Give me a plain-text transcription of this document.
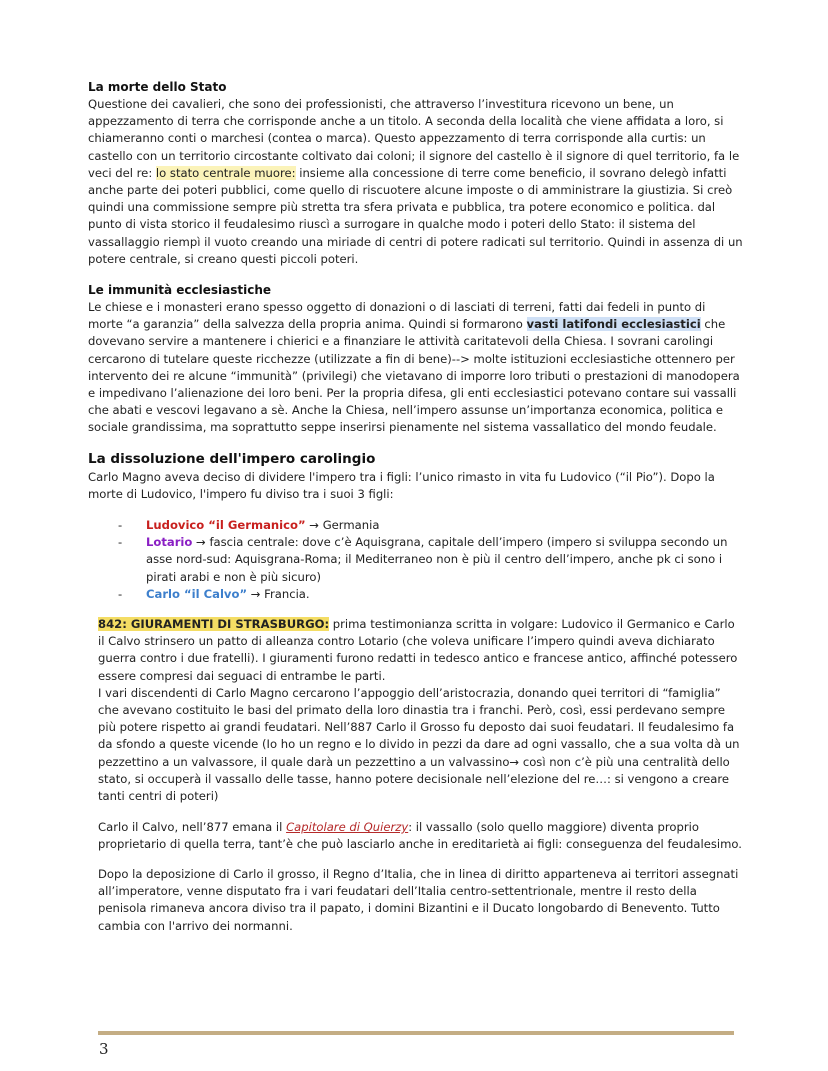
La morte dello Stato

Questione dei cavalieri, che sono dei professionisti, che attraverso l’investitura ricevono un bene, un appezzamento di terra che corrisponde anche a un titolo. A seconda della località che viene affidata a loro, si chiameranno conti o marchesi (contea o marca). Questo appezzamento di terra corrisponde alla curtis: un castello con un territorio circostante coltivato dai coloni; il signore del castello è il signore di quel territorio, fa le veci del re: lo stato centrale muore: insieme alla concessione di terre come beneficio, il sovrano delegò infatti anche parte dei poteri pubblici, come quello di riscuotere alcune imposte o di amministrare la giustizia. Si creò quindi una commissione sempre più stretta tra sfera privata e pubblica, tra potere economico e politica. dal punto di vista storico il feudalesimo riuscì a surrogare in qualche modo i poteri dello Stato: il sistema del vassallaggio riempì il vuoto creando una miriade di centri di potere radicati sul territorio. Quindi in assenza di un potere centrale, si creano questi piccoli poteri.

Le immunità ecclesiastiche

Le chiese e i monasteri erano spesso oggetto di donazioni o di lasciati di terreni, fatti dai fedeli in punto di morte “a garanzia” della salvezza della propria anima. Quindi si formarono vasti latifondi ecclesiastici che dovevano servire a mantenere i chierici e a finanziare le attività caritatevoli della Chiesa. I sovrani carolingi cercarono di tutelare queste ricchezze (utilizzate a fin di bene)--> molte istituzioni ecclesiastiche ottennero per intervento dei re alcune “immunità” (privilegi) che vietavano di imporre loro tributi o prestazioni di manodopera e impedivano l’alienazione dei loro beni. Per la propria difesa, gli enti ecclesiastici potevano contare sui vassalli che abati e vescovi legavano a sè. Anche la Chiesa, nell’impero assunse un’importanza economica, politica e sociale grandissima, ma soprattutto seppe inserirsi pienamente nel sistema vassallatico del mondo feudale.

La dissoluzione dell'impero carolingio

Carlo Magno aveva deciso di dividere l'impero tra i figli: l’unico rimasto in vita fu Ludovico (“il Pio”). Dopo la morte di Ludovico, l'impero fu diviso tra i suoi 3 figli:

- Ludovico “il Germanico” → Germania
- Lotario → fascia centrale: dove c’è Aquisgrana, capitale dell’impero (impero si sviluppa secondo un asse nord-sud: Aquisgrana-Roma; il Mediterraneo non è più il centro dell’impero, anche pk ci sono i pirati arabi e non è più sicuro)
- Carlo “il Calvo” → Francia.

842: GIURAMENTI DI STRASBURGO: prima testimonianza scritta in volgare: Ludovico il Germanico e Carlo il Calvo strinsero un patto di alleanza contro Lotario (che voleva unificare l’impero quindi aveva dichiarato guerra contro i due fratelli). I giuramenti furono redatti in tedesco antico e francese antico, affinché potessero essere compresi dai seguaci di entrambe le parti.

I vari discendenti di Carlo Magno cercarono l’appoggio dell’aristocrazia, donando quei territori di “famiglia” che avevano costituito le basi del primato della loro dinastia tra i franchi. Però, così, essi perdevano sempre più potere rispetto ai grandi feudatari. Nell’887 Carlo il Grosso fu deposto dai suoi feudatari. Il feudalesimo fa da sfondo a queste vicende (Io ho un regno e lo divido in pezzi da dare ad ogni vassallo, che a sua volta dà un pezzettino a un valvassore, il quale darà un pezzettino a un valvassino→ così non c’è più una centralità dello stato, si occuperà il vassallo delle tasse, hanno potere decisionale nell’elezione del re…: si vengono a creare tanti centri di poteri)

Carlo il Calvo, nell’877 emana il Capitolare di Quierzy: il vassallo (solo quello maggiore) diventa proprio proprietario di quella terra, tant’è che può lasciarlo anche in ereditarietà ai figli: conseguenza del feudalesimo.

Dopo la deposizione di Carlo il grosso, il Regno d’Italia, che in linea di diritto apparteneva ai territori assegnati all’imperatore, venne disputato fra i vari feudatari dell’Italia centro-settentrionale, mentre il resto della penisola rimaneva ancora diviso tra il papato, i domini Bizantini e il Ducato longobardo di Benevento. Tutto cambia con l'arrivo dei normanni.

3
